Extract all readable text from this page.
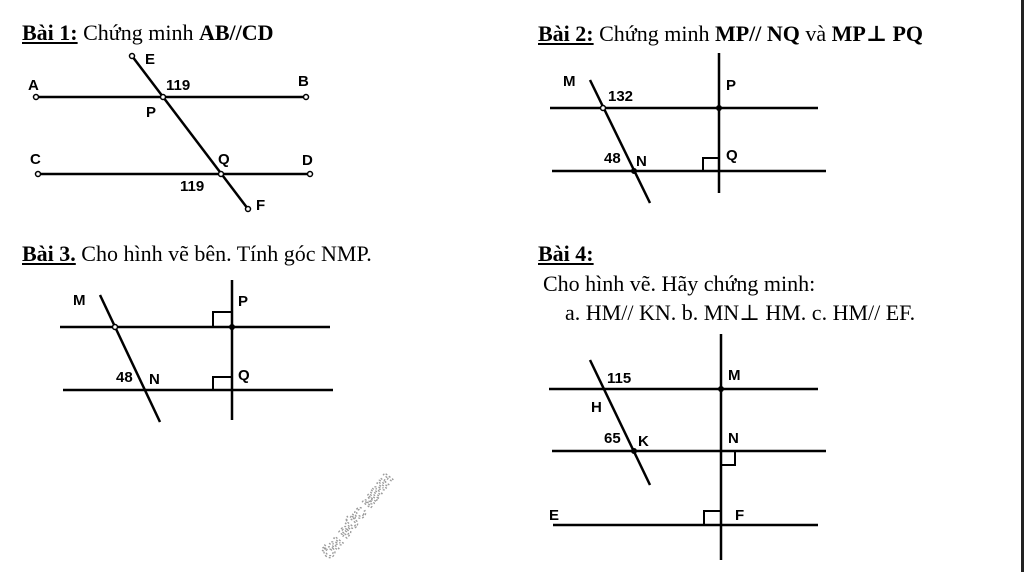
ÕN ĐỨC MINH
Bài 1: Chứng minh AB//CD	Bài 2: Chứng minh MP// NQ và MP⊥ PQ
Bài 3. Cho hình vẽ bên. Tính góc NMP.	Bài 4:
Cho hình vẽ. Hãy chứng minh:
a. HM// KN. b. MN⊥ HM. c. HM// EF.
A	B
C	D
E
F
P
Q
119
119
M	P
N	Q
132
48
M	P
N	Q
48	M
H
K	N
E	F
115
65
